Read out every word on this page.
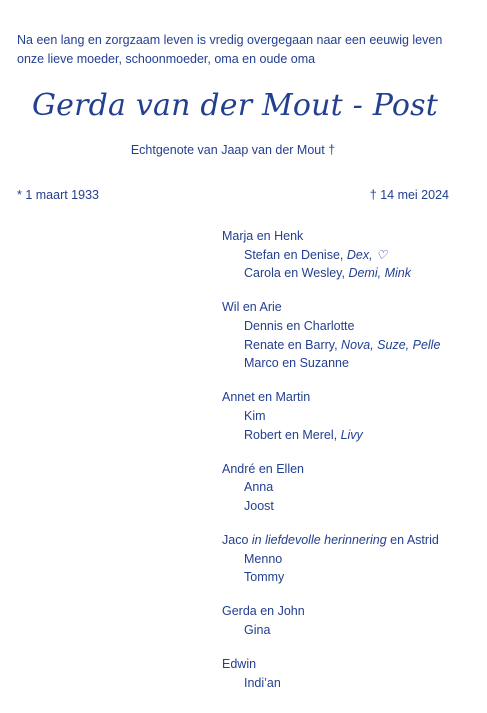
Na een lang en zorgzaam leven is vredig overgegaan naar een eeuwig leven
onze lieve moeder, schoonmoeder, oma en oude oma
Gerda van der Mout - Post
Echtgenote van Jaap van der Mout †
* 1 maart 1933	† 14 mei 2024
Marja en Henk
Stefan en Denise, Dex, ♡
Carola en Wesley, Demi, Mink
Wil en Arie
Dennis en Charlotte
Renate en Barry, Nova, Suze, Pelle
Marco en Suzanne
Annet en Martin
Kim
Robert en Merel, Livy
André en Ellen
Anna
Joost
Jaco in liefdevolle herinnering en Astrid
Menno
Tommy
Gerda en John
Gina
Edwin
Indi’an
